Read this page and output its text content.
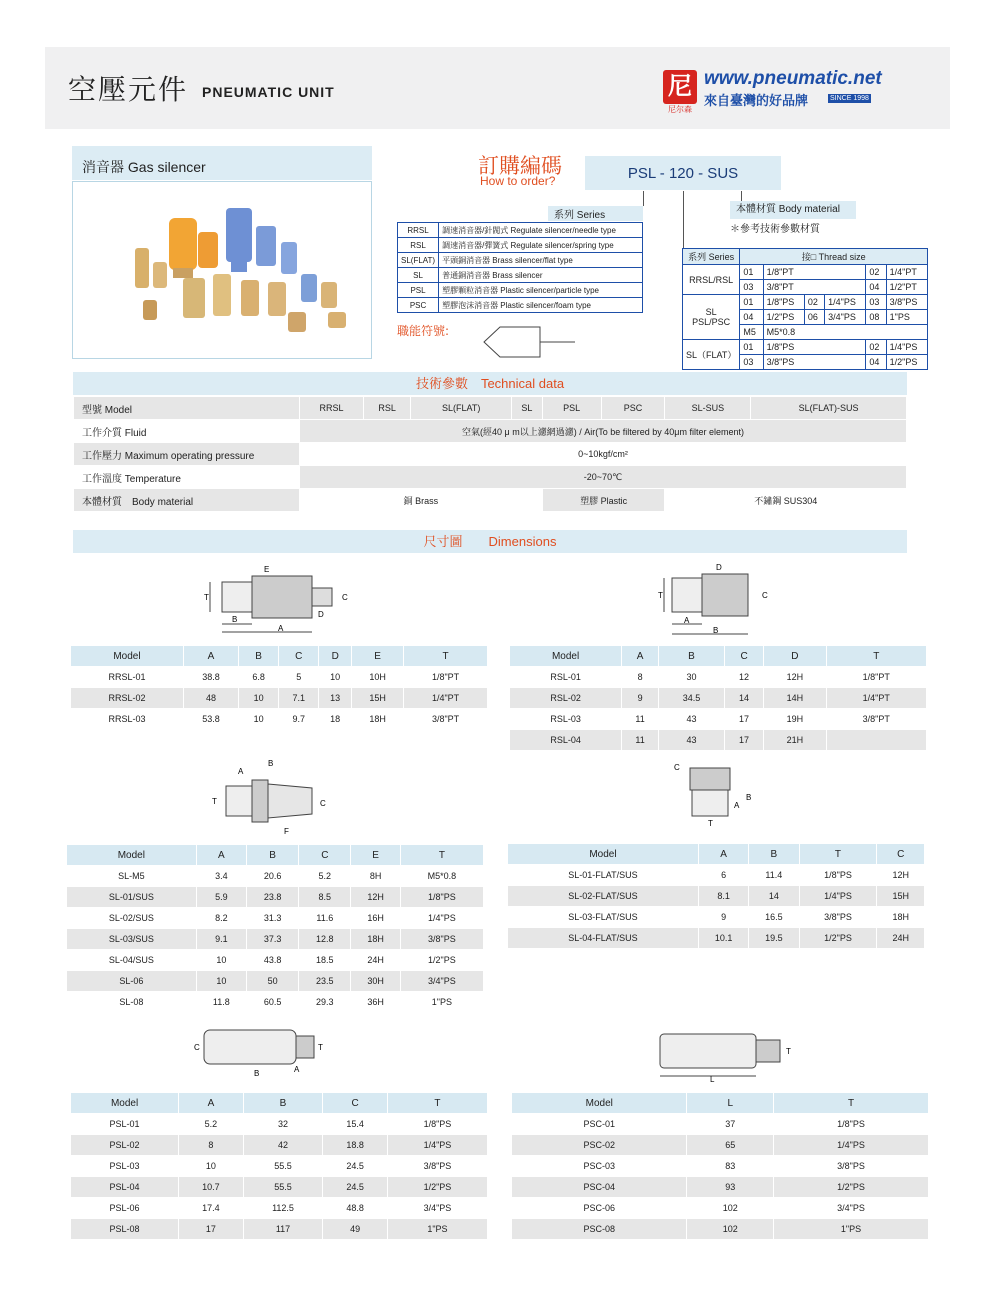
空壓元件 PNEUMATIC UNIT	尼
尼尔森
www.pneumatic.net
來自臺灣的好品牌	SINCE 1998
消音器 Gas silencer	訂購編碼
How to order?	PSL - 120 - SUS
系列 Series
RRSL	調速消音器/針閥式 Regulate silencer/needle type
RSL	調速消音器/彈簧式 Regulate silencer/spring type
SL(FLAT)	平頭銅消音器 Brass silencer/flat type
SL	普通銅消音器 Brass silencer
PSL	塑膠顆粒消音器 Plastic silencer/particle type
PSC	塑膠泡沫消音器 Plastic silencer/foam type
職能符號:
本體材質 Body material
＊參考技術參數材質
系列 Series	接□ Thread size					
RRSL/RSL	01	1/8"PT			02	1/4"PT
	03	3/8"PT			04	1/2"PT
SL PSL/PSC	01	1/8"PS	02	1/4"PS	03	3/8"PS
	04	1/2"PS	06	3/4"PS	08	1"PS
	M5	M5*0.8				
SL（FLAT）	01	1/8"PS			02	1/4"PS
	03	3/8"PS			04	1/2"PS
技術參數　Technical data
型號 Model	RRSL	RSL	SL(FLAT)	SL	PSL	PSC	SL-SUS	SL(FLAT)-SUS
工作介質 Fluid	空氣(經40 μ m以上濾網過濾) / Air(To be filtered by 40μm filter element)							
工作壓力 Maximum operating pressure	0~10kgf/cm²							
工作溫度 Temperature	-20~70℃							
本體材質　Body material	銅 Brass				塑膠 Plastic		不鏽鋼 SUS304	
尺寸圖　　Dimensions
T
B
A
E
C
D
T
A
B
D
C
T
A
B
C
F
C
A
B
T
C
B	A
T
L
T
Model	A	B	C	D	E	T
RRSL-01	38.8	6.8	5	10	10H	1/8"PT
RRSL-02	48	10	7.1	13	15H	1/4"PT
RRSL-03	53.8	10	9.7	18	18H	3/8"PT
Model	A	B	C	D	T
RSL-01	8	30	12	12H	1/8"PT
RSL-02	9	34.5	14	14H	1/4"PT
RSL-03	11	43	17	19H	3/8"PT
RSL-04	11	43	17	21H	
Model	A	B	C	E	T
SL-M5	3.4	20.6	5.2	8H	M5*0.8
SL-01/SUS	5.9	23.8	8.5	12H	1/8"PS
SL-02/SUS	8.2	31.3	11.6	16H	1/4"PS
SL-03/SUS	9.1	37.3	12.8	18H	3/8"PS
SL-04/SUS	10	43.8	18.5	24H	1/2"PS
SL-06	10	50	23.5	30H	3/4"PS
SL-08	11.8	60.5	29.3	36H	1"PS
Model	A	B	T	C
SL-01-FLAT/SUS	6	11.4	1/8"PS	12H
SL-02-FLAT/SUS	8.1	14	1/4"PS	15H
SL-03-FLAT/SUS	9	16.5	3/8"PS	18H
SL-04-FLAT/SUS	10.1	19.5	1/2"PS	24H
Model	A	B	C	T
PSL-01	5.2	32	15.4	1/8"PS
PSL-02	8	42	18.8	1/4"PS
PSL-03	10	55.5	24.5	3/8"PS
PSL-04	10.7	55.5	24.5	1/2"PS
PSL-06	17.4	112.5	48.8	3/4"PS
PSL-08	17	117	49	1"PS
Model	L	T
PSC-01	37	1/8"PS
PSC-02	65	1/4"PS
PSC-03	83	3/8"PS
PSC-04	93	1/2"PS
PSC-06	102	3/4"PS
PSC-08	102	1"PS
